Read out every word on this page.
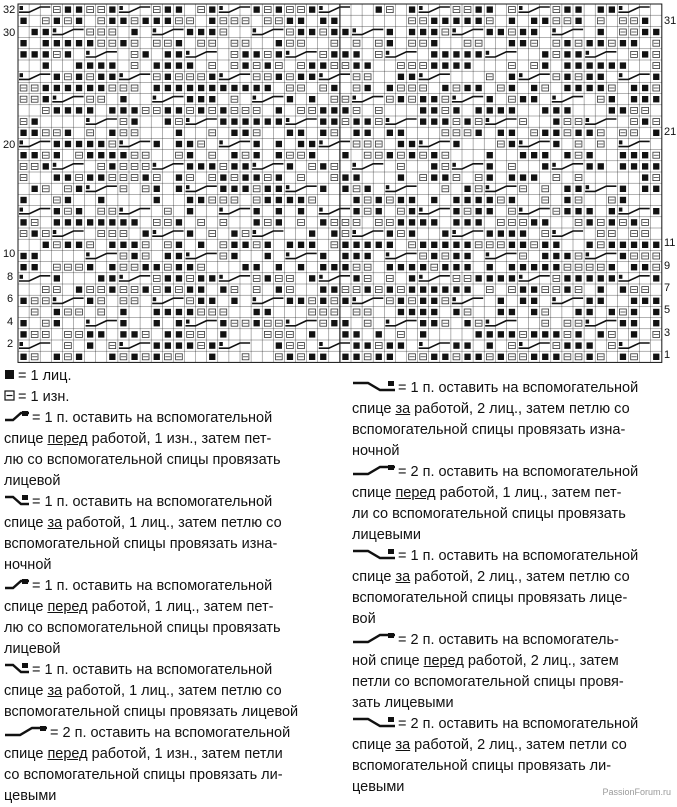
32
30
20
10
8
6
4
2
31
21
11
9
7
5
3
1

= 1 лиц.

= 1 изн.

= 1 п. оставить на вспомогательной

спице перед работой, 1 изн., затем пет-

лю со вспомогательной спицы провязать

лицевой

= 1 п. оставить на вспомогательной

спице за работой, 1 лиц., затем петлю со

вспомогательной спицы провязать изна-

ночной

= 1 п. оставить на вспомогательной

спице перед работой, 1 лиц., затем пет-

лю со вспомогательной спицы провязать

лицевой

= 1 п. оставить на вспомогательной

спице за работой, 1 лиц., затем петлю со

вспомогательной спицы провязать лицевой

= 2 п. оставить на вспомогательной

спице перед работой, 1 изн., затем петли

со вспомогательной спицы провязать ли-

цевыми

= 1 п. оставить на вспомогательной

спице за работой, 2 лиц., затем петлю со

вспомогательной спицы провязать изна-

ночной

= 2 п. оставить на вспомогательной

спице перед работой, 1 лиц., затем пет-

ли со вспомогательной спицы провязать

лицевыми

= 1 п. оставить на вспомогательной

спице за работой, 2 лиц., затем петлю со

вспомогательной спицы провязать лице-

вой

= 2 п. оставить на вспомогатель-

ной спице перед работой, 2 лиц., затем

петли со вспомогательной спицы провя-

зать лицевыми

= 2 п. оставить на вспомогательной

спице за работой, 2 лиц., затем петли со

вспомогательной спицы провязать ли-

цевыми	PassionForum.ru
